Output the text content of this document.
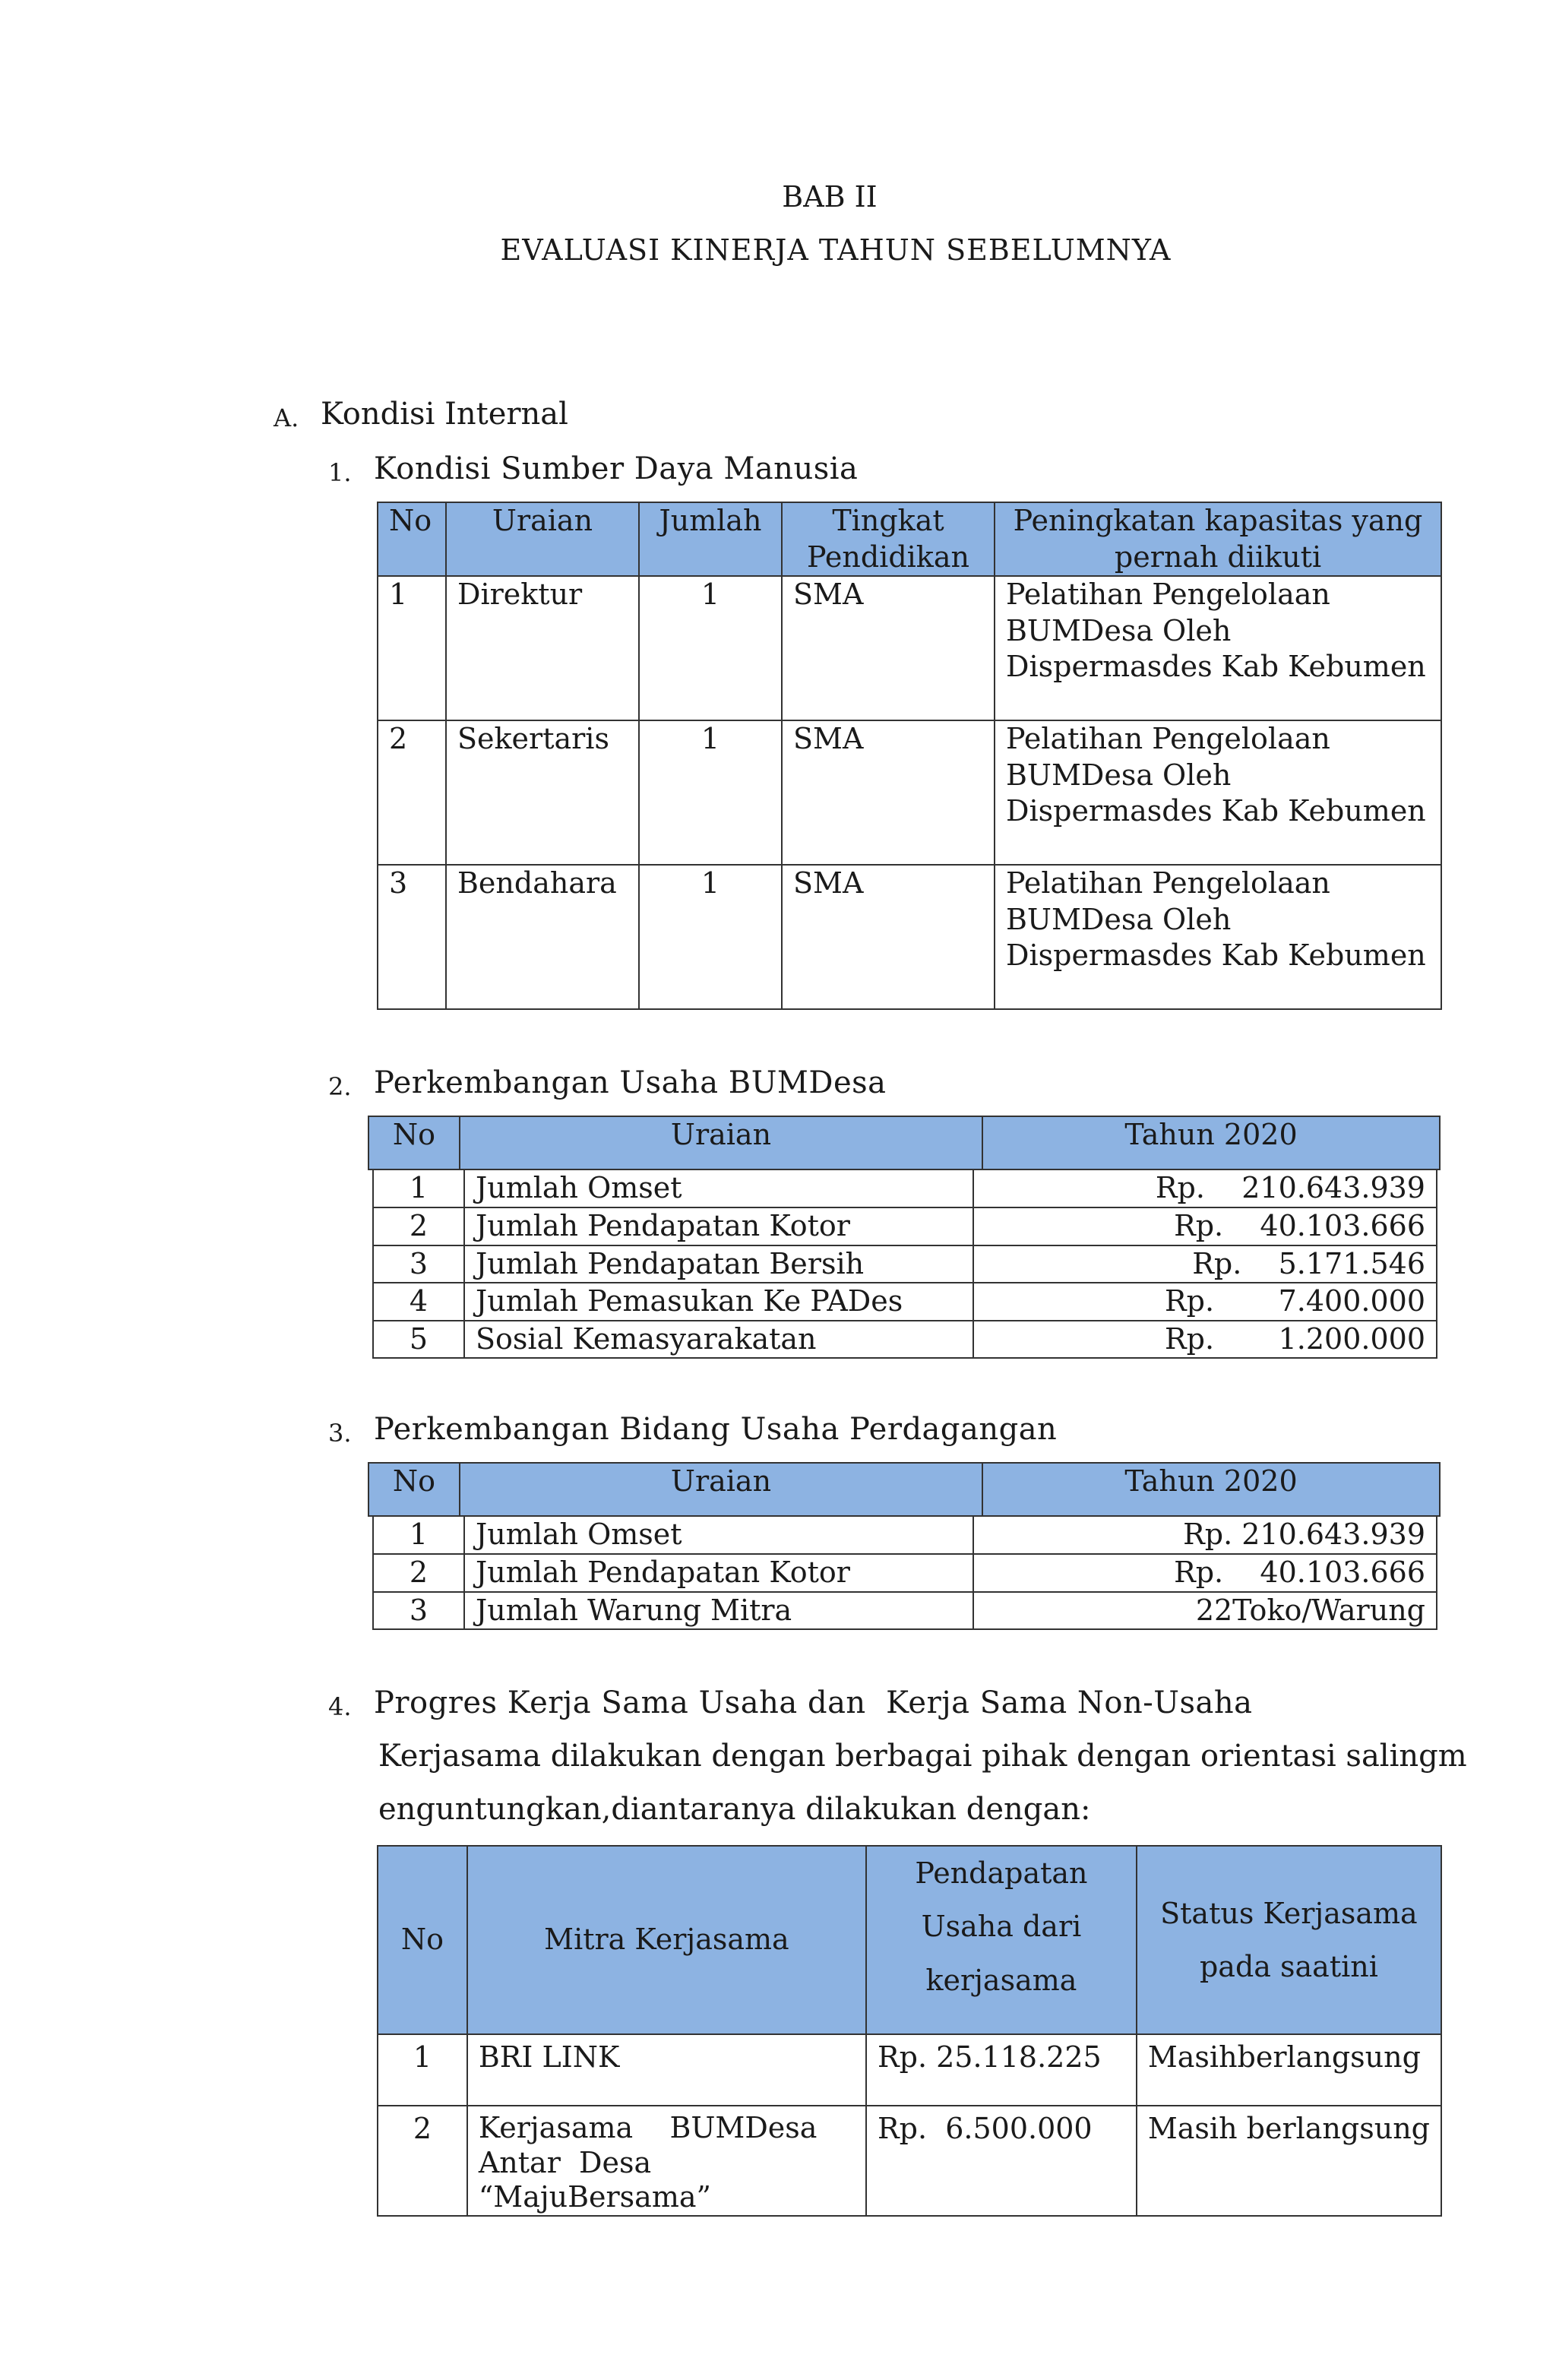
BAB II
EVALUASI KINERJA TAHUN SEBELUMNYA
A. Kondisi Internal
1. Kondisi Sumber Daya Manusia
No	Uraian	Jumlah	Tingkat Pendidikan	Peningkatan kapasitas yang pernah diikuti
1	Direktur	1	SMA	Pelatihan Pengelolaan BUMDesa Oleh Dispermasdes Kab Kebumen
2	Sekertaris	1	SMA	Pelatihan Pengelolaan BUMDesa Oleh Dispermasdes Kab Kebumen
3	Bendahara	1	SMA	Pelatihan Pengelolaan BUMDesa Oleh Dispermasdes Kab Kebumen
2. Perkembangan Usaha BUMDesa
No	Uraian	Tahun 2020
1	Jumlah Omset	Rp.    210.643.939
2	Jumlah Pendapatan Kotor	Rp.    40.103.666
3	Jumlah Pendapatan Bersih	Rp.    5.171.546
4	Jumlah Pemasukan Ke PADes	Rp.       7.400.000
5	Sosial Kemasyarakatan	Rp.       1.200.000
3. Perkembangan Bidang Usaha Perdagangan
No	Uraian	Tahun 2020
1	Jumlah Omset	Rp. 210.643.939
2	Jumlah Pendapatan Kotor	Rp.    40.103.666
3	Jumlah Warung Mitra	22Toko/Warung
4. Progres Kerja Sama Usaha dan  Kerja Sama Non-Usaha
Kerjasama dilakukan dengan berbagai pihak dengan orientasi salingm
enguntungkan,diantaranya dilakukan dengan:
No	Mitra Kerjasama	Pendapatan Usaha dari kerjasama	Status Kerjasama pada saatini
1	BRI LINK	Rp. 25.118.225	Masihberlangsung
2	Kerjasama    BUMDesa Antar  Desa “MajuBersama”	Rp.  6.500.000	Masih berlangsung
